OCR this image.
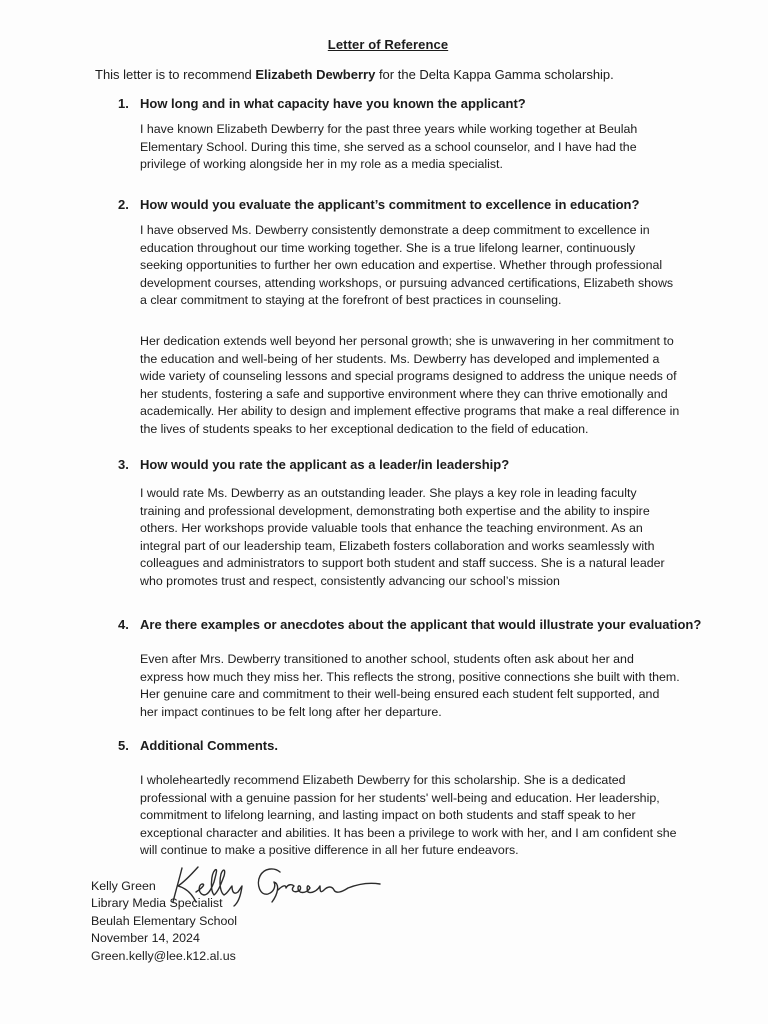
Letter of Reference
This letter is to recommend Elizabeth Dewberry for the Delta Kappa Gamma scholarship.
1. How long and in what capacity have you known the applicant?

I have known Elizabeth Dewberry for the past three years while working together at Beulah Elementary School. During this time, she served as a school counselor, and I have had the privilege of working alongside her in my role as a media specialist.

2. How would you evaluate the applicant’s commitment to excellence in education?

I have observed Ms. Dewberry consistently demonstrate a deep commitment to excellence in education throughout our time working together. She is a true lifelong learner, continuously seeking opportunities to further her own education and expertise. Whether through professional development courses, attending workshops, or pursuing advanced certifications, Elizabeth shows a clear commitment to staying at the forefront of best practices in counseling.

Her dedication extends well beyond her personal growth; she is unwavering in her commitment to the education and well-being of her students. Ms. Dewberry has developed and implemented a wide variety of counseling lessons and special programs designed to address the unique needs of her students, fostering a safe and supportive environment where they can thrive emotionally and academically. Her ability to design and implement effective programs that make a real difference in the lives of students speaks to her exceptional dedication to the field of education.

3. How would you rate the applicant as a leader/in leadership?

I would rate Ms. Dewberry as an outstanding leader. She plays a key role in leading faculty training and professional development, demonstrating both expertise and the ability to inspire others. Her workshops provide valuable tools that enhance the teaching environment. As an integral part of our leadership team, Elizabeth fosters collaboration and works seamlessly with colleagues and administrators to support both student and staff success. She is a natural leader who promotes trust and respect, consistently advancing our school’s mission

4. Are there examples or anecdotes about the applicant that would illustrate your evaluation?

Even after Mrs. Dewberry transitioned to another school, students often ask about her and express how much they miss her. This reflects the strong, positive connections she built with them. Her genuine care and commitment to their well-being ensured each student felt supported, and her impact continues to be felt long after her departure.

5. Additional Comments.

I wholeheartedly recommend Elizabeth Dewberry for this scholarship. She is a dedicated professional with a genuine passion for her students' well-being and education. Her leadership, commitment to lifelong learning, and lasting impact on both students and staff speak to her exceptional character and abilities. It has been a privilege to work with her, and I am confident she will continue to make a positive difference in all her future endeavors.

Kelly Green
Library Media Specialist
Beulah Elementary School
November 14, 2024
Green.kelly@lee.k12.al.us
